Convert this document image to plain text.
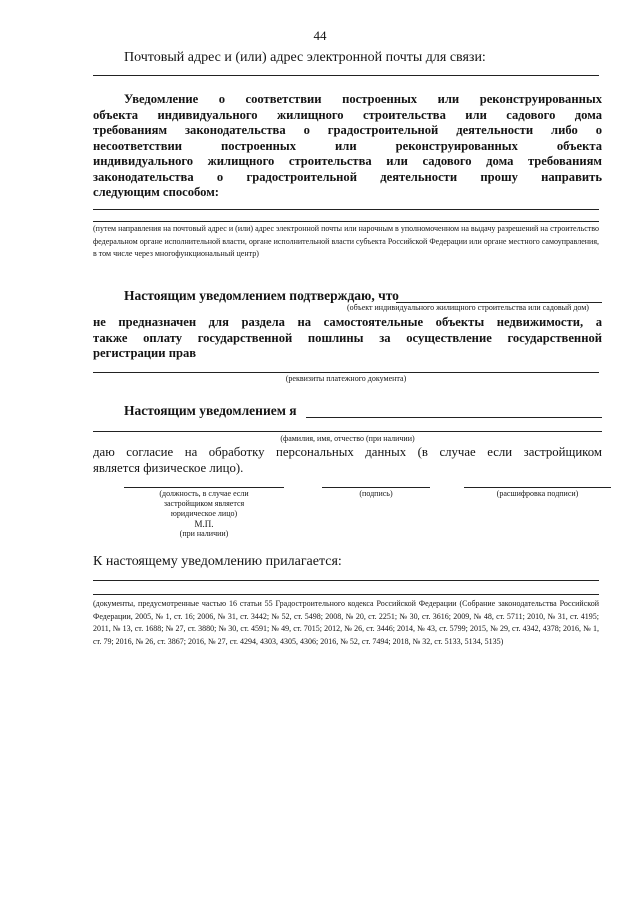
44
Почтовый адрес и (или) адрес электронной почты для связи:
Уведомление о соответствии построенных или реконструированных
объекта индивидуального жилищного строительства или садового дома
требованиям законодательства о градостроительной деятельности либо о
несоответствии построенных или реконструированных объекта
индивидуального жилищного строительства или садового дома требованиям
законодательства о градостроительной деятельности прошу направить
следующим способом:
(путем направления на почтовый адрес и (или) адрес электронной почты или нарочным в уполномоченном на выдачу разрешений на строительство федеральном органе исполнительной власти, органе исполнительной власти субъекта Российской Федерации или органе местного самоуправления, в том числе через многофункциональный центр)
Настоящим уведомлением подтверждаю, что
(объект индивидуального жилищного строительства или садовый дом)
не предназначен для раздела на самостоятельные объекты недвижимости, а
также оплату государственной пошлины за осуществление государственной
регистрации прав
(реквизиты платежного документа)
Настоящим уведомлением я
(фамилия, имя, отчество (при наличии)
даю согласие на обработку персональных данных (в случае если застройщиком
является физическое лицо).
(должность, в случае если
застройщиком является
юридическое лицо)
М.П.
(при наличии)
(подпись)	(расшифровка подписи)
К настоящему уведомлению прилагается:
(документы, предусмотренные частью 16 статьи 55 Градостроительного кодекса Российской Федерации (Собрание законодательства Российской Федерации, 2005, № 1, ст. 16; 2006, № 31, ст. 3442; № 52, ст. 5498; 2008, № 20, ст. 2251; № 30, ст. 3616; 2009, № 48, ст. 5711; 2010, № 31, ст. 4195; 2011, № 13, ст. 1688; № 27, ст. 3880; № 30, ст. 4591; № 49, ст. 7015; 2012, № 26, ст. 3446; 2014, № 43, ст. 5799; 2015, № 29, ст. 4342, 4378; 2016, № 1, ст. 79; 2016, № 26, ст. 3867; 2016, № 27, ст. 4294, 4303, 4305, 4306; 2016, № 52, ст. 7494; 2018, № 32, ст. 5133, 5134, 5135)
